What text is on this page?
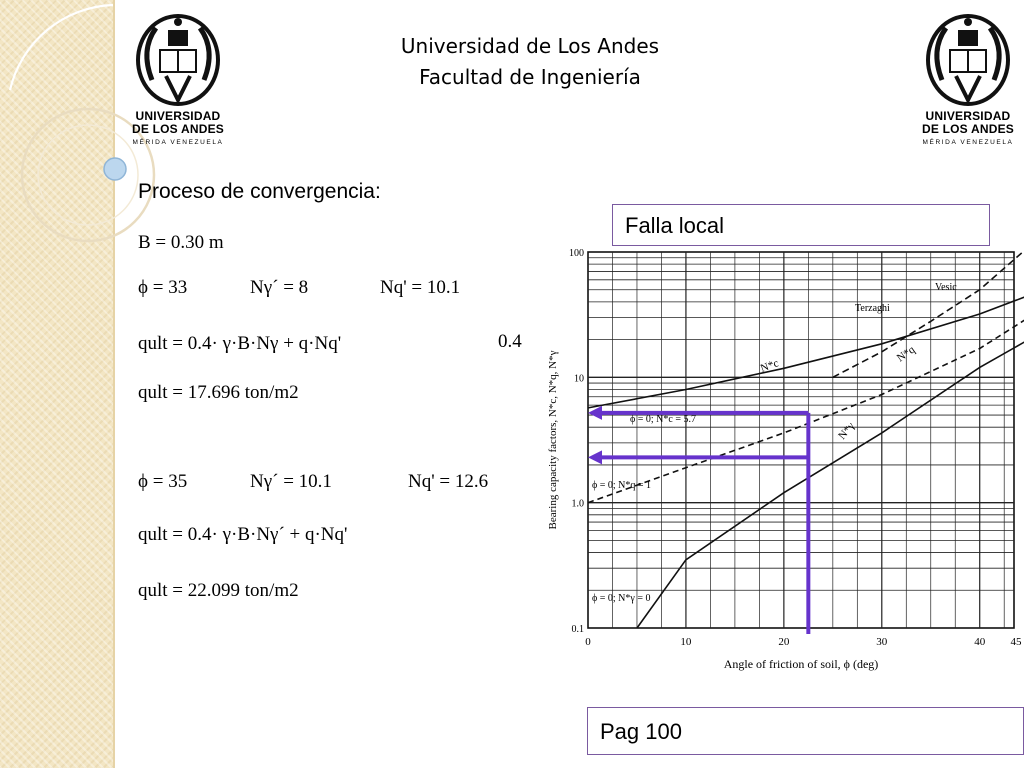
UNIVERSIDAD
DE LOS ANDES
MÉRIDA VENEZUELA
UNIVERSIDAD
DE LOS ANDES
MÉRIDA VENEZUELA
Universidad de Los Andes
Facultad de Ingeniería
Proceso de convergencia:
B = 0.30 m
ϕ = 33	Nγ´ = 8	Nq' = 10.1
qult = 0.4· γ·B·Nγ + q·Nq'	0.4
qult = 17.696 ton/m2
ϕ = 35	Nγ´ = 10.1	Nq' = 12.6
qult = 0.4· γ·B·Nγ´ + q·Nq'
qult = 22.099 ton/m2
0	10	20	30	40 45
0.1
1.0
10
100
Angle of friction of soil, ϕ (deg)
Bearing capacity factors, N*c, N*q, N*γ
Vesic
Terzaghi
ϕ = 0; N*q = 1
ϕ = 0; N*γ = 0
ϕ = 0; N*c = 5.7
N*c
N*q
N*γ
Falla local
Pag 100
